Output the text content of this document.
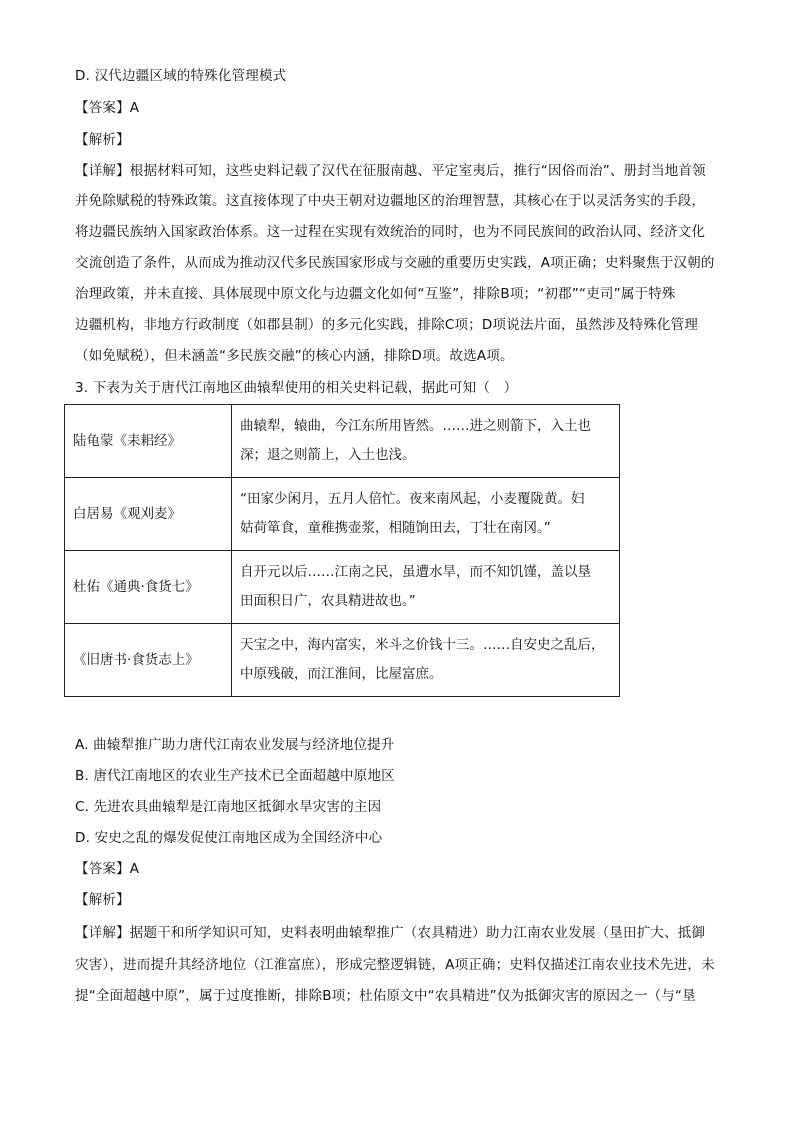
D. 汉代边疆区域的特殊化管理模式
【答案】A
【解析】
【详解】根据材料可知，这些史料记载了汉代在征服南越、平定室夷后，推行“因俗而治”、册封当地首领
并免除赋税的特殊政策。这直接体现了中央王朝对边疆地区的治理智慧，其核心在于以灵活务实的手段，
将边疆民族纳入国家政治体系。这一过程在实现有效统治的同时，也为不同民族间的政治认同、经济文化
交流创造了条件，从而成为推动汉代多民族国家形成与交融的重要历史实践，A项正确；史料聚焦于汉朝的
治理政策，并未直接、具体展现中原文化与边疆文化如何“互鉴”，排除B项；“初郡”“吏司”属于特殊
边疆机构，非地方行政制度（如郡县制）的多元化实践，排除C项；D项说法片面，虽然涉及特殊化管理
（如免赋税），但未涵盖“多民族交融”的核心内涵，排除D项。故选A项。
3. 下表为关于唐代江南地区曲辕犁使用的相关史料记载，据此可知（　）
陆龟蒙《耒耜经》	曲辕犁，辕曲，今江东所用皆然。……进之则箭下，入土也
深；退之则箭上，入土也浅。
白居易《观刈麦》	“田家少闲月，五月人倍忙。夜来南风起，小麦覆陇黄。妇
姑荷箪食，童稚携壶浆，相随饷田去，丁壮在南冈。”
杜佑《通典·食货七》	自开元以后……江南之民，虽遭水旱，而不知饥馑，盖以垦
田面积日广，农具精进故也。”
《旧唐书·食货志上》	天宝之中，海内富实，米斗之价钱十三。……自安史之乱后，
中原残破，而江淮间，比屋富庶。
A. 曲辕犁推广助力唐代江南农业发展与经济地位提升
B. 唐代江南地区的农业生产技术已全面超越中原地区
C. 先进农具曲辕犁是江南地区抵御水旱灾害的主因
D. 安史之乱的爆发促使江南地区成为全国经济中心
【答案】A
【解析】
【详解】据题干和所学知识可知，史料表明曲辕犁推广（农具精进）助力江南农业发展（垦田扩大、抵御
灾害），进而提升其经济地位（江淮富庶），形成完整逻辑链，A项正确；史料仅描述江南农业技术先进，未
提“全面超越中原”，属于过度推断，排除B项；杜佑原文中“农具精进”仅为抵御灾害的原因之一（与“垦
